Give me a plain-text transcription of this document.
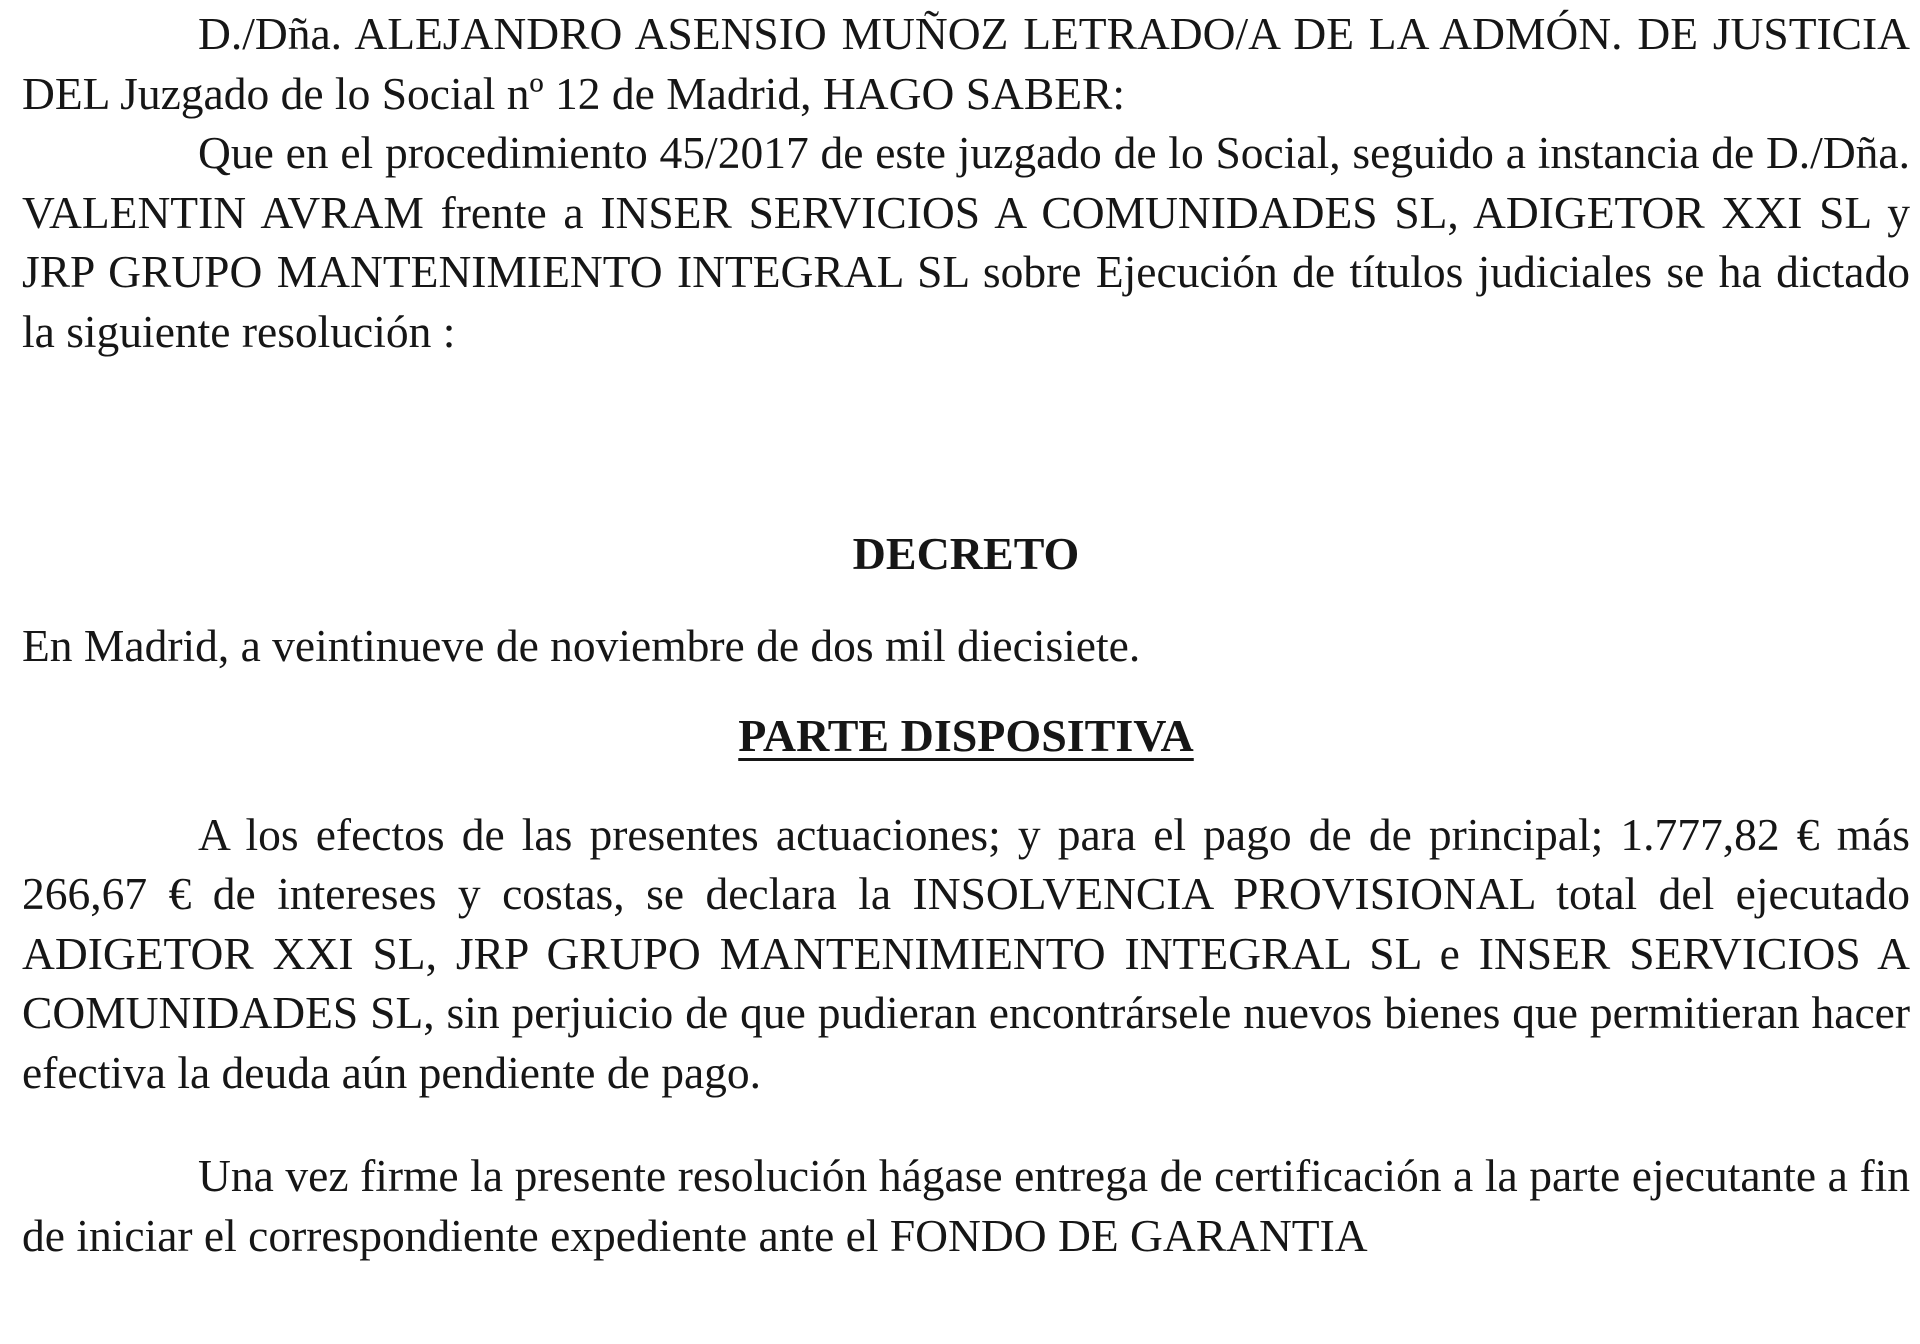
D./Dña. ALEJANDRO ASENSIO MUÑOZ LETRADO/A DE LA ADMÓN. DE JUSTICIA DEL Juzgado de lo Social nº 12 de Madrid, HAGO SABER:

Que en el procedimiento 45/2017 de este juzgado de lo Social, seguido a instancia de D./Dña. VALENTIN AVRAM frente a INSER SERVICIOS A COMUNIDADES SL, ADIGETOR XXI SL y JRP GRUPO MANTENIMIENTO INTEGRAL SL sobre Ejecución de títulos judiciales se ha dictado la siguiente resolución :

DECRETO

En Madrid, a veintinueve de noviembre de dos mil diecisiete.

PARTE DISPOSITIVA

A los efectos de las presentes actuaciones; y para el pago de de principal; 1.777,82 € más 266,67 € de intereses y costas, se declara la INSOLVENCIA PROVISIONAL total del ejecutado ADIGETOR XXI SL, JRP GRUPO MANTENIMIENTO INTEGRAL SL e INSER SERVICIOS A COMUNIDADES SL, sin perjuicio de que pudieran encontrársele nuevos bienes que permitieran hacer efectiva la deuda aún pendiente de pago.

Una vez firme la presente resolución hágase entrega de certificación a la parte ejecutante a fin de iniciar el correspondiente expediente ante el FONDO DE GARANTIA
